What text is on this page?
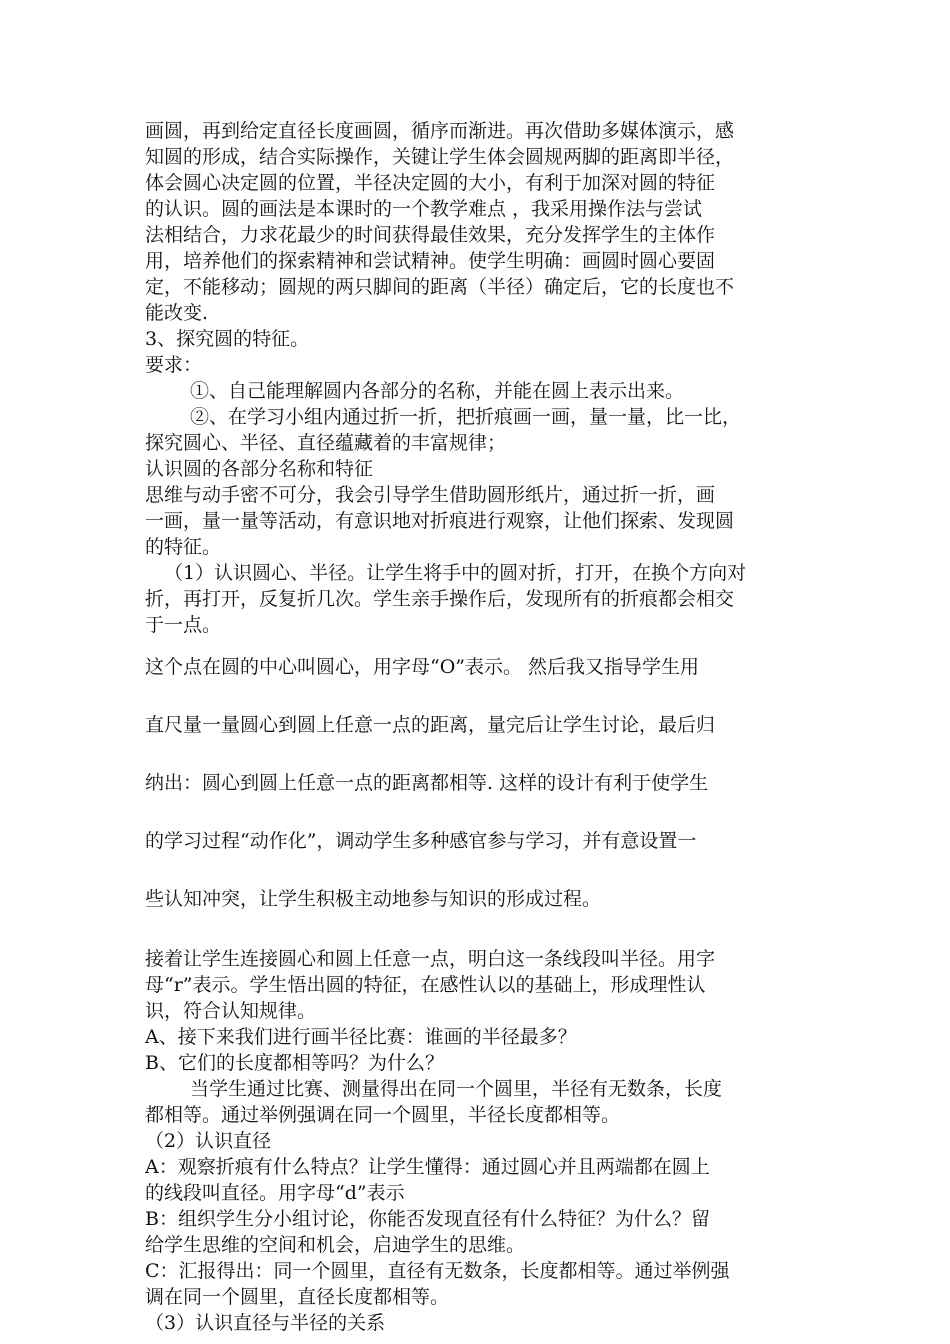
画圆，再到给定直径长度画圆，循序而渐进。再次借助多媒体演示，感

知圆的形成，结合实际操作，关键让学生体会圆规两脚的距离即半径，

体会圆心决定圆的位置，半径决定圆的大小，有利于加深对圆的特征

的认识。圆的画法是本课时的一个教学难点 ，我采用操作法与尝试

法相结合，力求花最少的时间获得最佳效果，充分发挥学生的主体作

用，培养他们的探索精神和尝试精神。使学生明确：画圆时圆心要固

定，不能移动；圆规的两只脚间的距离（半径）确定后，它的长度也不

能改变.

3、探究圆的特征。

要求：

①、自己能理解圆内各部分的名称，并能在圆上表示出来。

②、在学习小组内通过折一折，把折痕画一画，量一量，比一比，

探究圆心、半径、直径蕴藏着的丰富规律；

认识圆的各部分名称和特征

思维与动手密不可分，我会引导学生借助圆形纸片，通过折一折，画

一画，量一量等活动，有意识地对折痕进行观察，让他们探索、发现圆

的特征。

（1）认识圆心、半径。让学生将手中的圆对折，打开，在换个方向对

折，再打开，反复折几次。学生亲手操作后，发现所有的折痕都会相交

于一点。

这个点在圆的中心叫圆心，用字母“O”表示。 然后我又指导学生用

直尺量一量圆心到圆上任意一点的距离，量完后让学生讨论，最后归

纳出：圆心到圆上任意一点的距离都相等. 这样的设计有利于使学生

的学习过程“动作化”，调动学生多种感官参与学习，并有意设置一

些认知冲突，让学生积极主动地参与知识的形成过程。

接着让学生连接圆心和圆上任意一点，明白这一条线段叫半径。用字

母“r”表示。学生悟出圆的特征，在感性认以的基础上，形成理性认

识，符合认知规律。

A、接下来我们进行画半径比赛：谁画的半径最多？

B、它们的长度都相等吗？为什么？

当学生通过比赛、测量得出在同一个圆里，半径有无数条，长度

都相等。通过举例强调在同一个圆里，半径长度都相等。

（2）认识直径

A：观察折痕有什么特点？让学生懂得：通过圆心并且两端都在圆上

的线段叫直径。用字母“d”表示

B：组织学生分小组讨论，你能否发现直径有什么特征？为什么？留

给学生思维的空间和机会，启迪学生的思维。

C：汇报得出：同一个圆里，直径有无数条，长度都相等。通过举例强

调在同一个圆里，直径长度都相等。

（3）认识直径与半径的关系
